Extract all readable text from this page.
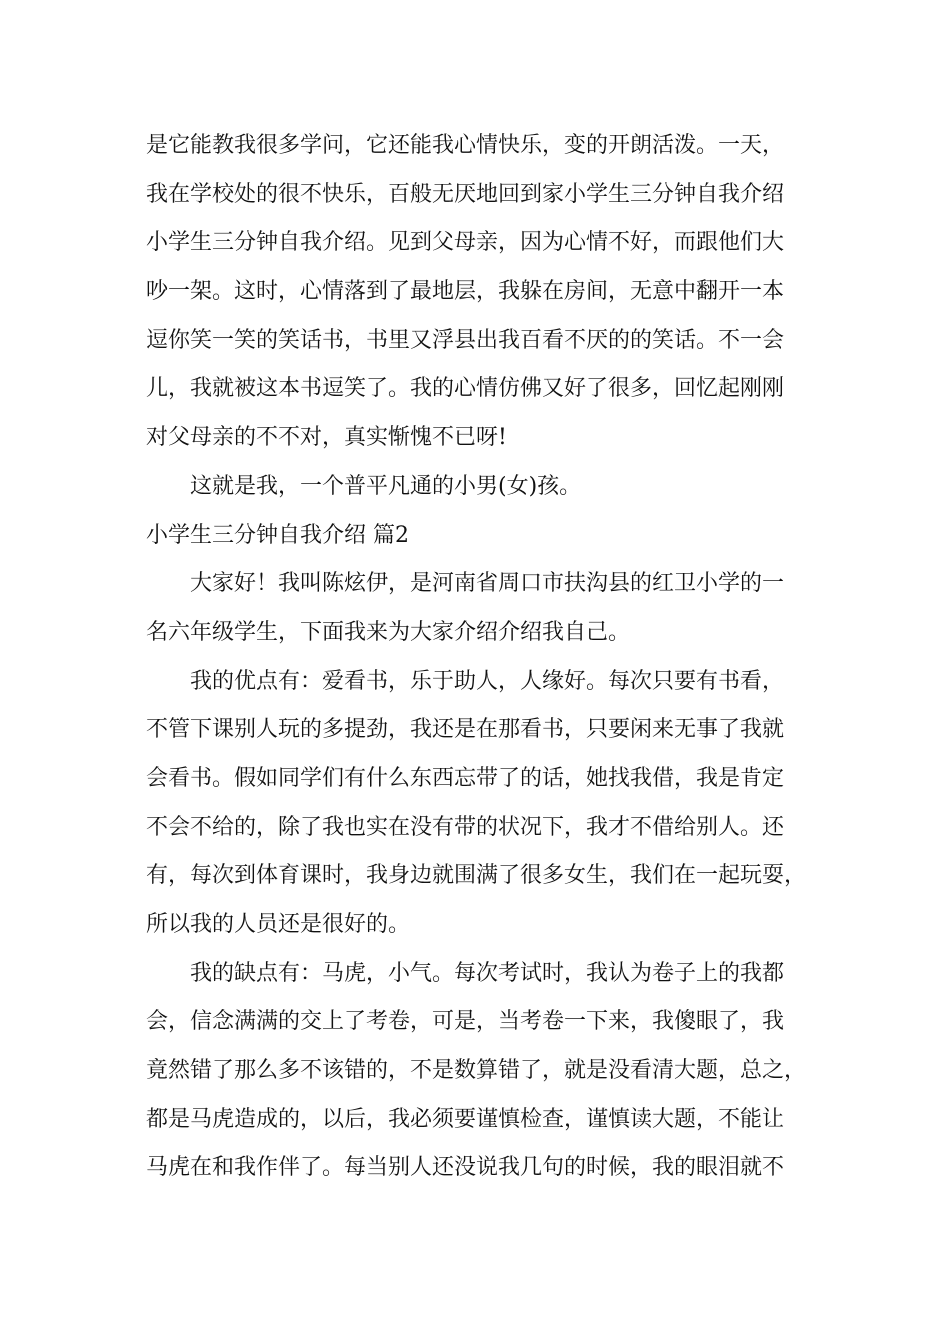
是它能教我很多学问，它还能我心情快乐，变的开朗活泼。一天，
我在学校处的很不快乐，百般无厌地回到家小学生三分钟自我介绍
小学生三分钟自我介绍。见到父母亲，因为心情不好，而跟他们大
吵一架。这时，心情落到了最地层，我躲在房间，无意中翻开一本
逗你笑一笑的笑话书，书里又浮县出我百看不厌的的笑话。不一会
儿，我就被这本书逗笑了。我的心情仿佛又好了很多，回忆起刚刚
对父母亲的不不对，真实惭愧不已呀!
这就是我，一个普平凡通的小男(女)孩。
小学生三分钟自我介绍 篇2
大家好！我叫陈炫伊，是河南省周口市扶沟县的红卫小学的一
名六年级学生，下面我来为大家介绍介绍我自己。
我的优点有：爱看书，乐于助人，人缘好。每次只要有书看，
不管下课别人玩的多提劲，我还是在那看书，只要闲来无事了我就
会看书。假如同学们有什么东西忘带了的话，她找我借，我是肯定
不会不给的，除了我也实在没有带的状况下，我才不借给别人。还
有，每次到体育课时，我身边就围满了很多女生，我们在一起玩耍，
所以我的人员还是很好的。
我的缺点有：马虎，小气。每次考试时，我认为卷子上的我都
会，信念满满的交上了考卷，可是，当考卷一下来，我傻眼了，我
竟然错了那么多不该错的，不是数算错了，就是没看清大题，总之，
都是马虎造成的，以后，我必须要谨慎检查，谨慎读大题，不能让
马虎在和我作伴了。每当别人还没说我几句的时候，我的眼泪就不
